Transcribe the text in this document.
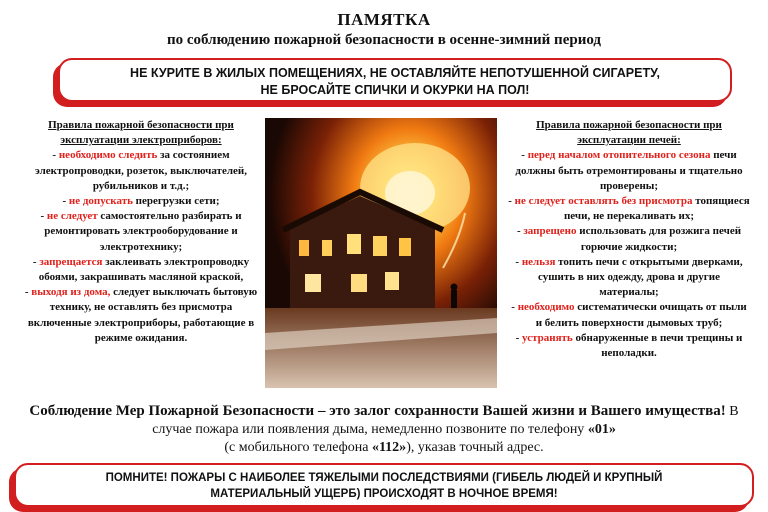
ПАМЯТКА
по соблюдению пожарной безопасности в осенне-зимний период
НЕ КУРИТЕ В ЖИЛЫХ ПОМЕЩЕНИЯХ, НЕ ОСТАВЛЯЙТЕ НЕПОТУШЕННОЙ СИГАРЕТУ,
НЕ БРОСАЙТЕ СПИЧКИ И ОКУРКИ НА ПОЛ!
Правила пожарной безопасности при
эксплуатации электроприборов:
- необходимо следить за состоянием электропроводки, розеток, выключателей, рубильников и т.д.;
- не допускать перегрузки сети;
- не следует самостоятельно разбирать и ремонтировать электрооборудование и электротехнику;
- запрещается заклеивать электропроводку обоями, закрашивать масляной краской,
- выходя из дома, следует выключать бытовую технику, не оставлять без присмотра включенные электроприборы, работающие в режиме ожидания.
Правила пожарной безопасности при
эксплуатации печей:
- перед началом отопительного сезона печи должны быть отремонтированы и тщательно проверены;
- не следует оставлять без присмотра топящиеся печи, не перекаливать их;
- запрещено использовать для розжига печей горючие жидкости;
- нельзя топить печи с открытыми дверками, сушить в них одежду, дрова и другие материалы;
- необходимо систематически очищать от пыли и белить поверхности дымовых труб;
- устранять обнаруженные в печи трещины и неполадки.
Соблюдение Мер Пожарной Безопасности – это залог сохранности Вашей жизни и Вашего имущества! В случае пожара или появления дыма, немедленно позвоните по телефону «01»
(с мобильного телефона «112»), указав точный адрес.
ПОМНИТЕ! ПОЖАРЫ С НАИБОЛЕЕ ТЯЖЕЛЫМИ ПОСЛЕДСТВИЯМИ (ГИБЕЛЬ ЛЮДЕЙ И КРУПНЫЙ
МАТЕРИАЛЬНЫЙ УЩЕРБ) ПРОИСХОДЯТ В НОЧНОЕ ВРЕМЯ!
